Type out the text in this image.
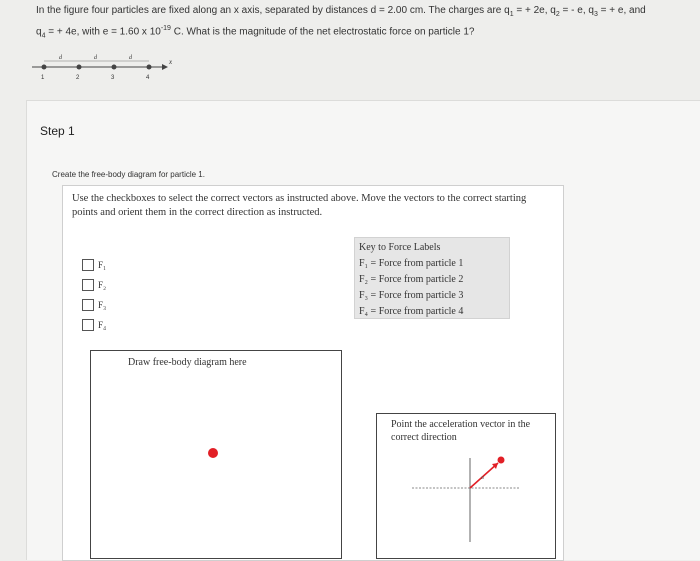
In the figure four particles are fixed along an x axis, separated by distances d = 2.00 cm. The charges are $q_1$ = + 2e, $q_2$ = - e, $q_3$ = + e, and
$q_4$ = + 4e, with e = 1.60 x $10^{-19}$ C. What is the magnitude of the net electrostatic force on particle 1?
x
d	d	d
1	2	3	4
Step 1
Create the free-body diagram for particle 1.
Use the checkboxes to select the correct vectors as instructed above. Move the vectors to the correct starting points and orient them in the correct direction as instructed.
F₁
F₂
F₃
F₄
Key to Force Labels
F₁ = Force from particle 1
F₂ = Force from particle 2
F₃ = Force from particle 3
F₄ = Force from particle 4
Draw free-body diagram here
Point the acceleration vector in the correct direction
a
